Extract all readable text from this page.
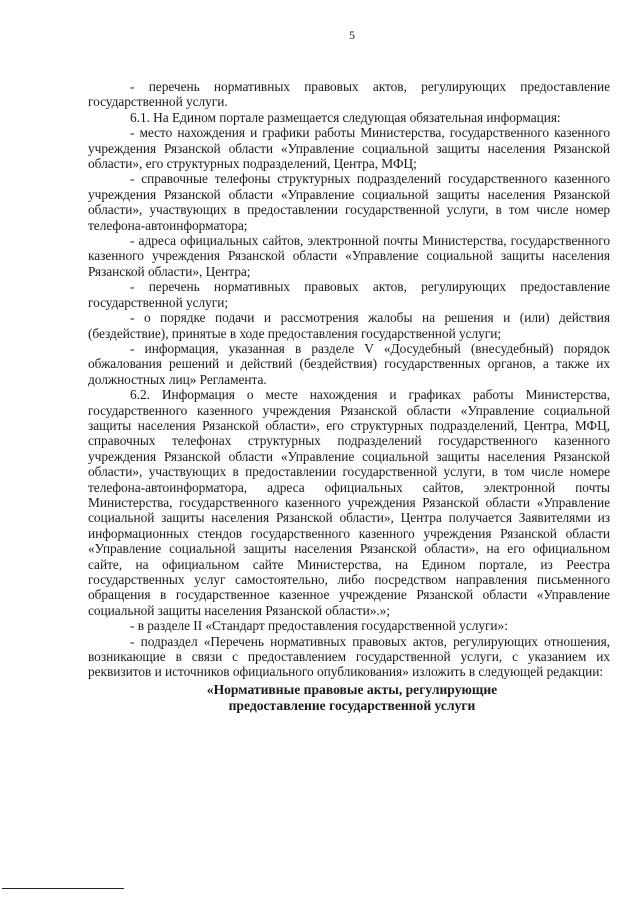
5

- перечень нормативных правовых актов, регулирующих предоставление государственной услуги.

6.1. На Едином портале размещается следующая обязательная информация:

- место нахождения и графики работы Министерства, государственного казенного учреждения Рязанской области «Управление социальной защиты населения Рязанской области», его структурных подразделений, Центра, МФЦ;

- справочные телефоны структурных подразделений государственного казенного учреждения Рязанской области «Управление социальной защиты населения Рязанской области», участвующих в предоставлении государственной услуги, в том числе номер телефона-автоинформатора;

- адреса официальных сайтов, электронной почты Министерства, государственного казенного учреждения Рязанской области «Управление социальной защиты населения Рязанской области», Центра;

- перечень нормативных правовых актов, регулирующих предоставление государственной услуги;

- о порядке подачи и рассмотрения жалобы на решения и (или) действия (бездействие), принятые в ходе предоставления государственной услуги;

- информация, указанная в разделе V «Досудебный (внесудебный) порядок обжалования решений и действий (бездействия) государственных органов, а также их должностных лиц» Регламента.

6.2. Информация о месте нахождения и графиках работы Министерства, государственного казенного учреждения Рязанской области «Управление социальной защиты населения Рязанской области», его структурных подразделений, Центра, МФЦ, справочных телефонах структурных подразделений государственного казенного учреждения Рязанской области «Управление социальной защиты населения Рязанской области», участвующих в предоставлении государственной услуги, в том числе номере телефона-автоинформатора, адреса официальных сайтов, электронной почты Министерства, государственного казенного учреждения Рязанской области «Управление социальной защиты населения Рязанской области», Центра получается Заявителями из информационных стендов государственного казенного учреждения Рязанской области «Управление социальной защиты населения Рязанской области», на его официальном сайте, на официальном сайте Министерства, на Едином портале, из Реестра государственных услуг самостоятельно, либо посредством направления письменного обращения в государственное казенное учреждение Рязанской области «Управление социальной защиты населения Рязанской области».»;

- в разделе II «Стандарт предоставления государственной услуги»:

- подраздел «Перечень нормативных правовых актов, регулирующих отношения, возникающие в связи с предоставлением государственной услуги, с указанием их реквизитов и источников официального опубликования» изложить в следующей редакции:

«Нормативные правовые акты, регулирующие
предоставление государственной услуги
